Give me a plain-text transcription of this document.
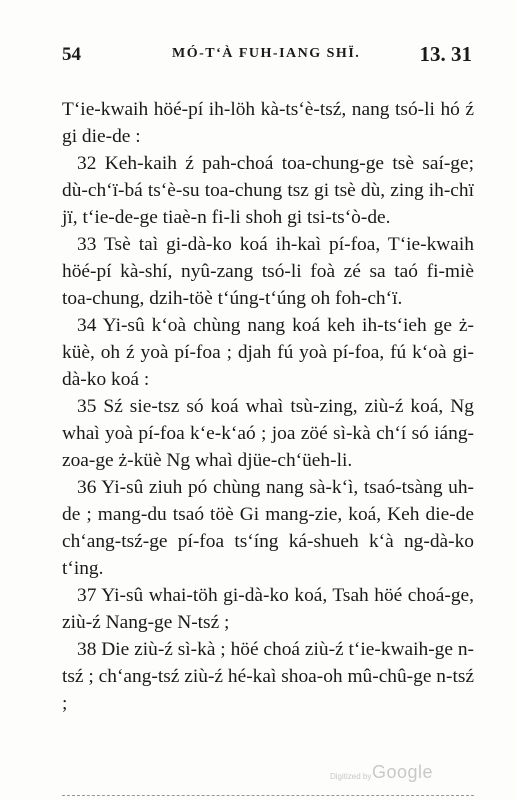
54	MÓ-T‘À FUH-IANG SHÏ.	13. 31

T‘ie-kwaih höé-pí ih-löh kà-ts‘è-tsź, nang tsó-li hó ź gi die-de :

32 Keh-kaih ź pah-choá toa-chung-ge tsè saí-ge; dù-ch‘ï-bá ts‘è-su toa-chung tsz gi tsè dù, zing ih-chï jï, t‘ie-de-ge tiaè-n fi-li shoh gi tsi-ts‘ò-de.

33 Tsè taì gi-dà-ko koá ih-kaì pí-foa, T‘ie-kwaih höé-pí kà-shí, nyû-zang tsó-li foà zé sa taó fi-miè toa-chung, dzih-töè t‘úng-t‘úng oh foh-ch‘ï.

34 Yi-sû k‘oà chùng nang koá keh ih-ts‘ieh ge ż-küè, oh ź yoà pí-foa ; djah fú yoà pí-foa, fú k‘oà gi-dà-ko koá :

35 Sź sie-tsz só koá whaì tsù-zing, ziù-ź koá, Ng whaì yoà pí-foa k‘e-k‘aó ; joa zöé sì-kà ch‘í só iáng-zoa-ge ż-küè Ng whaì djüe-ch‘üeh-li.

36 Yi-sû ziuh pó chùng nang sà-k‘ì, tsaó-tsàng uh-de ; mang-du tsaó töè Gi mang-zie, koá, Keh die-de ch‘ang-tsź-ge pí-foa ts‘íng ká-shueh k‘à ng-dà-ko t‘ing.

37 Yi-sû whai-töh gi-dà-ko koá, Tsah höé choá-ge, ziù-ź Nang-ge N-tsź ;

38 Die ziù-ź sì-kà ; höé choá ziù-ź t‘ie-kwaih-ge n-tsź ; ch‘ang-tsź ziù-ź hé-kaì shoa-oh mû-chû-ge n-tsź ;

Digitized by Google
